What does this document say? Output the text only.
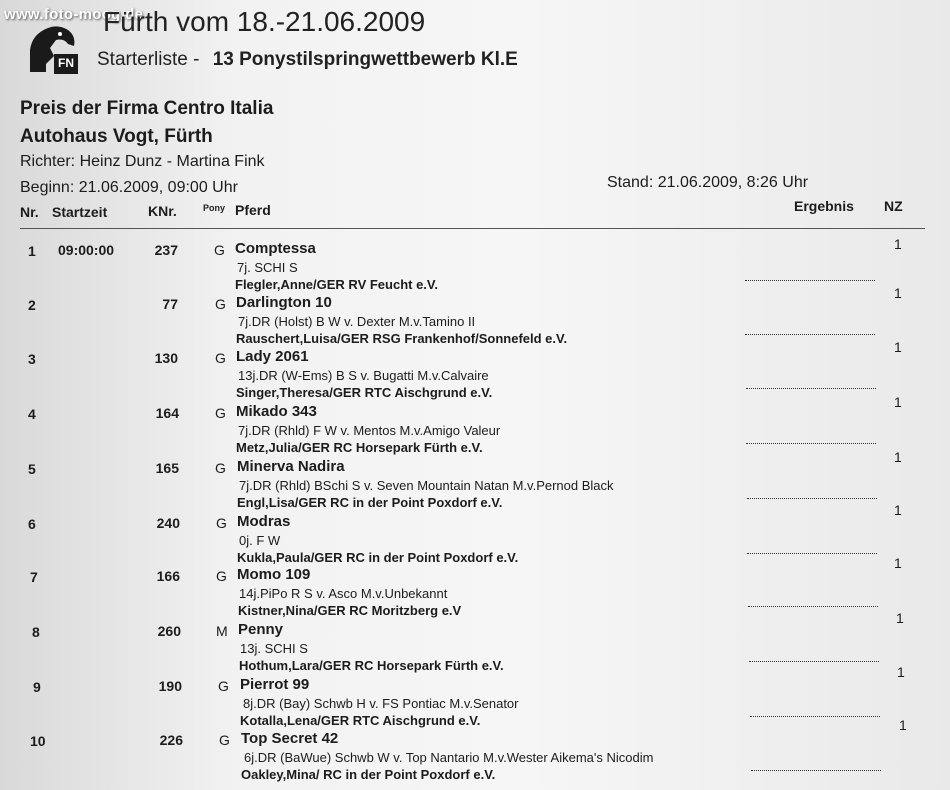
www.foto-moog.de
FN
Fürth vom 18.-21.06.2009
Starterliste - 13 Ponystilspringwettbewerb Kl.E
Preis der Firma Centro Italia
Autohaus Vogt, Fürth
Richter: Heinz Dunz - Martina Fink
Beginn: 21.06.2009, 09:00 Uhr	Stand: 21.06.2009, 8:26 Uhr
Nr. Startzeit	KNr.	Pony Pferd	Ergebnis NZ
1 09:00:00	237	G Comptessa
7j. SCHI S
Flegler,Anne/GER RV Feucht e.V.
1
2	77	G Darlington 10
7j.DR (Holst) B W v. Dexter M.v.Tamino II
Rauschert,Luisa/GER RSG Frankenhof/Sonnefeld e.V.
1
3	130	G Lady 2061
13j.DR (W-Ems) B S v. Bugatti M.v.Calvaire
Singer,Theresa/GER RTC Aischgrund e.V.
1
4	164	G Mikado 343
7j.DR (Rhld) F W v. Mentos M.v.Amigo Valeur
Metz,Julia/GER RC Horsepark Fürth e.V.
1
5	165	G Minerva Nadira
7j.DR (Rhld) BSchi S v. Seven Mountain Natan M.v.Pernod Black
Engl,Lisa/GER RC in der Point Poxdorf e.V.
1
6	240	G Modras
0j. F W
Kukla,Paula/GER RC in der Point Poxdorf e.V.
1
7	166	G Momo 109
14j.PiPo R S v. Asco M.v.Unbekannt
Kistner,Nina/GER RC Moritzberg e.V
1
8	260	M Penny
13j. SCHI S
Hothum,Lara/GER RC Horsepark Fürth e.V.
1
9	190	G Pierrot 99
8j.DR (Bay) Schwb H v. FS Pontiac M.v.Senator
Kotalla,Lena/GER RTC Aischgrund e.V.
1
10	226	G Top Secret 42
6j.DR (BaWue) Schwb W v. Top Nantario M.v.Wester Aikema's Nicodim
Oakley,Mina/ RC in der Point Poxdorf e.V.
1
